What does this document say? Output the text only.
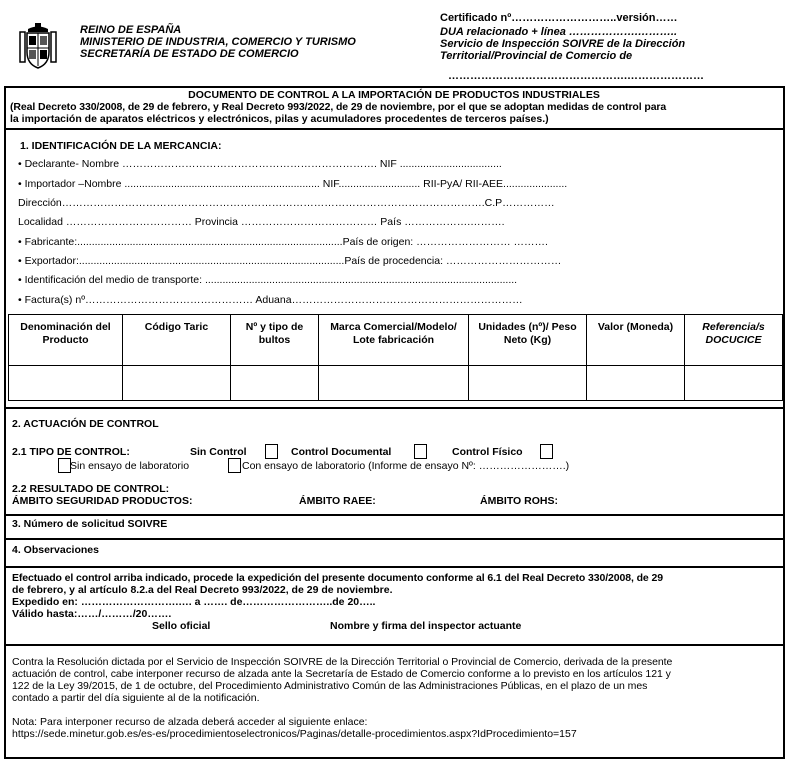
REINO DE ESPAÑA
MINISTERIO DE INDUSTRIA, COMERCIO Y TURISMO
SECRETARÍA DE ESTADO DE COMERCIO
Certificado nº………………………..versión……
DUA relacionado + línea ……………….………..
Servicio de Inspección SOIVRE de la Dirección
Territorial/Provincial de Comercio de
………………………………………….…………………
DOCUMENTO DE CONTROL A LA IMPORTACIÓN DE PRODUCTOS INDUSTRIALES
(Real Decreto 330/2008, de 29 de febrero, y Real Decreto 993/2022, de 29 de noviembre, por el que se adoptan medidas de control para
la importación de aparatos eléctricos y electrónicos, pilas y acumuladores procedentes de terceros países.)
1. IDENTIFICACIÓN DE LA MERCANCIA:
• Declarante- Nombre ………………………………………………………………. NIF ...................................
• Importador –Nombre ................................................................... NIF............................ RII-PyA/ RII-AEE......................
Dirección………………………………………………………………………………………………………….C.P……………
Localidad ……………………………… Provincia ………………………………… País ……………….……….
• Fabricante:...........................................................................................País de origen: ……………………… ……….
• Exportador:...........................................................................................País de procedencia: ……………………………
• Identificación del medio de transporte: ...........................................................................................................
• Factura(s) nº………………………………………… Aduana…………………………………………………………
Denominación del Producto	Código Taric	Nº y tipo de bultos	Marca Comercial/Modelo/ Lote fabricación	Unidades (nº)/ Peso Neto (Kg)	Valor (Moneda)	Referencia/s DOCUCICE

2. ACTUACIÓN DE CONTROL
2.1 TIPO DE CONTROL:	Sin Control	Control Documental	Control Físico
Sin ensayo de laboratorio	Con ensayo de laboratorio (Informe de ensayo Nº: …………………….)
2.2 RESULTADO DE CONTROL:
ÁMBITO SEGURIDAD PRODUCTOS:	ÁMBITO RAEE:	ÁMBITO ROHS:
3. Número de solicitud SOIVRE
4. Observaciones
Efectuado el control arriba indicado, procede la expedición del presente documento conforme al 6.1 del Real Decreto 330/2008, de 29
de febrero, y al artículo 8.2.a del Real Decreto 993/2022, de 29 de noviembre.
Expedido en: ……………………….…. a ……. de……………………..de 20…..
Válido hasta:……/………/20…….
Sello oficial	Nombre y firma del inspector actuante
Contra la Resolución dictada por el Servicio de Inspección SOIVRE de la Dirección Territorial o Provincial de Comercio, derivada de la presente
actuación de control, cabe interponer recurso de alzada ante la Secretaría de Estado de Comercio conforme a lo previsto en los artículos 121 y
122 de la Ley 39/2015, de 1 de octubre, del Procedimiento Administrativo Común de las Administraciones Públicas, en el plazo de un mes
contado a partir del día siguiente al de la notificación.
Nota: Para interponer recurso de alzada deberá acceder al siguiente enlace:
https://sede.minetur.gob.es/es-es/procedimientoselectronicos/Paginas/detalle-procedimientos.aspx?IdProcedimiento=157
